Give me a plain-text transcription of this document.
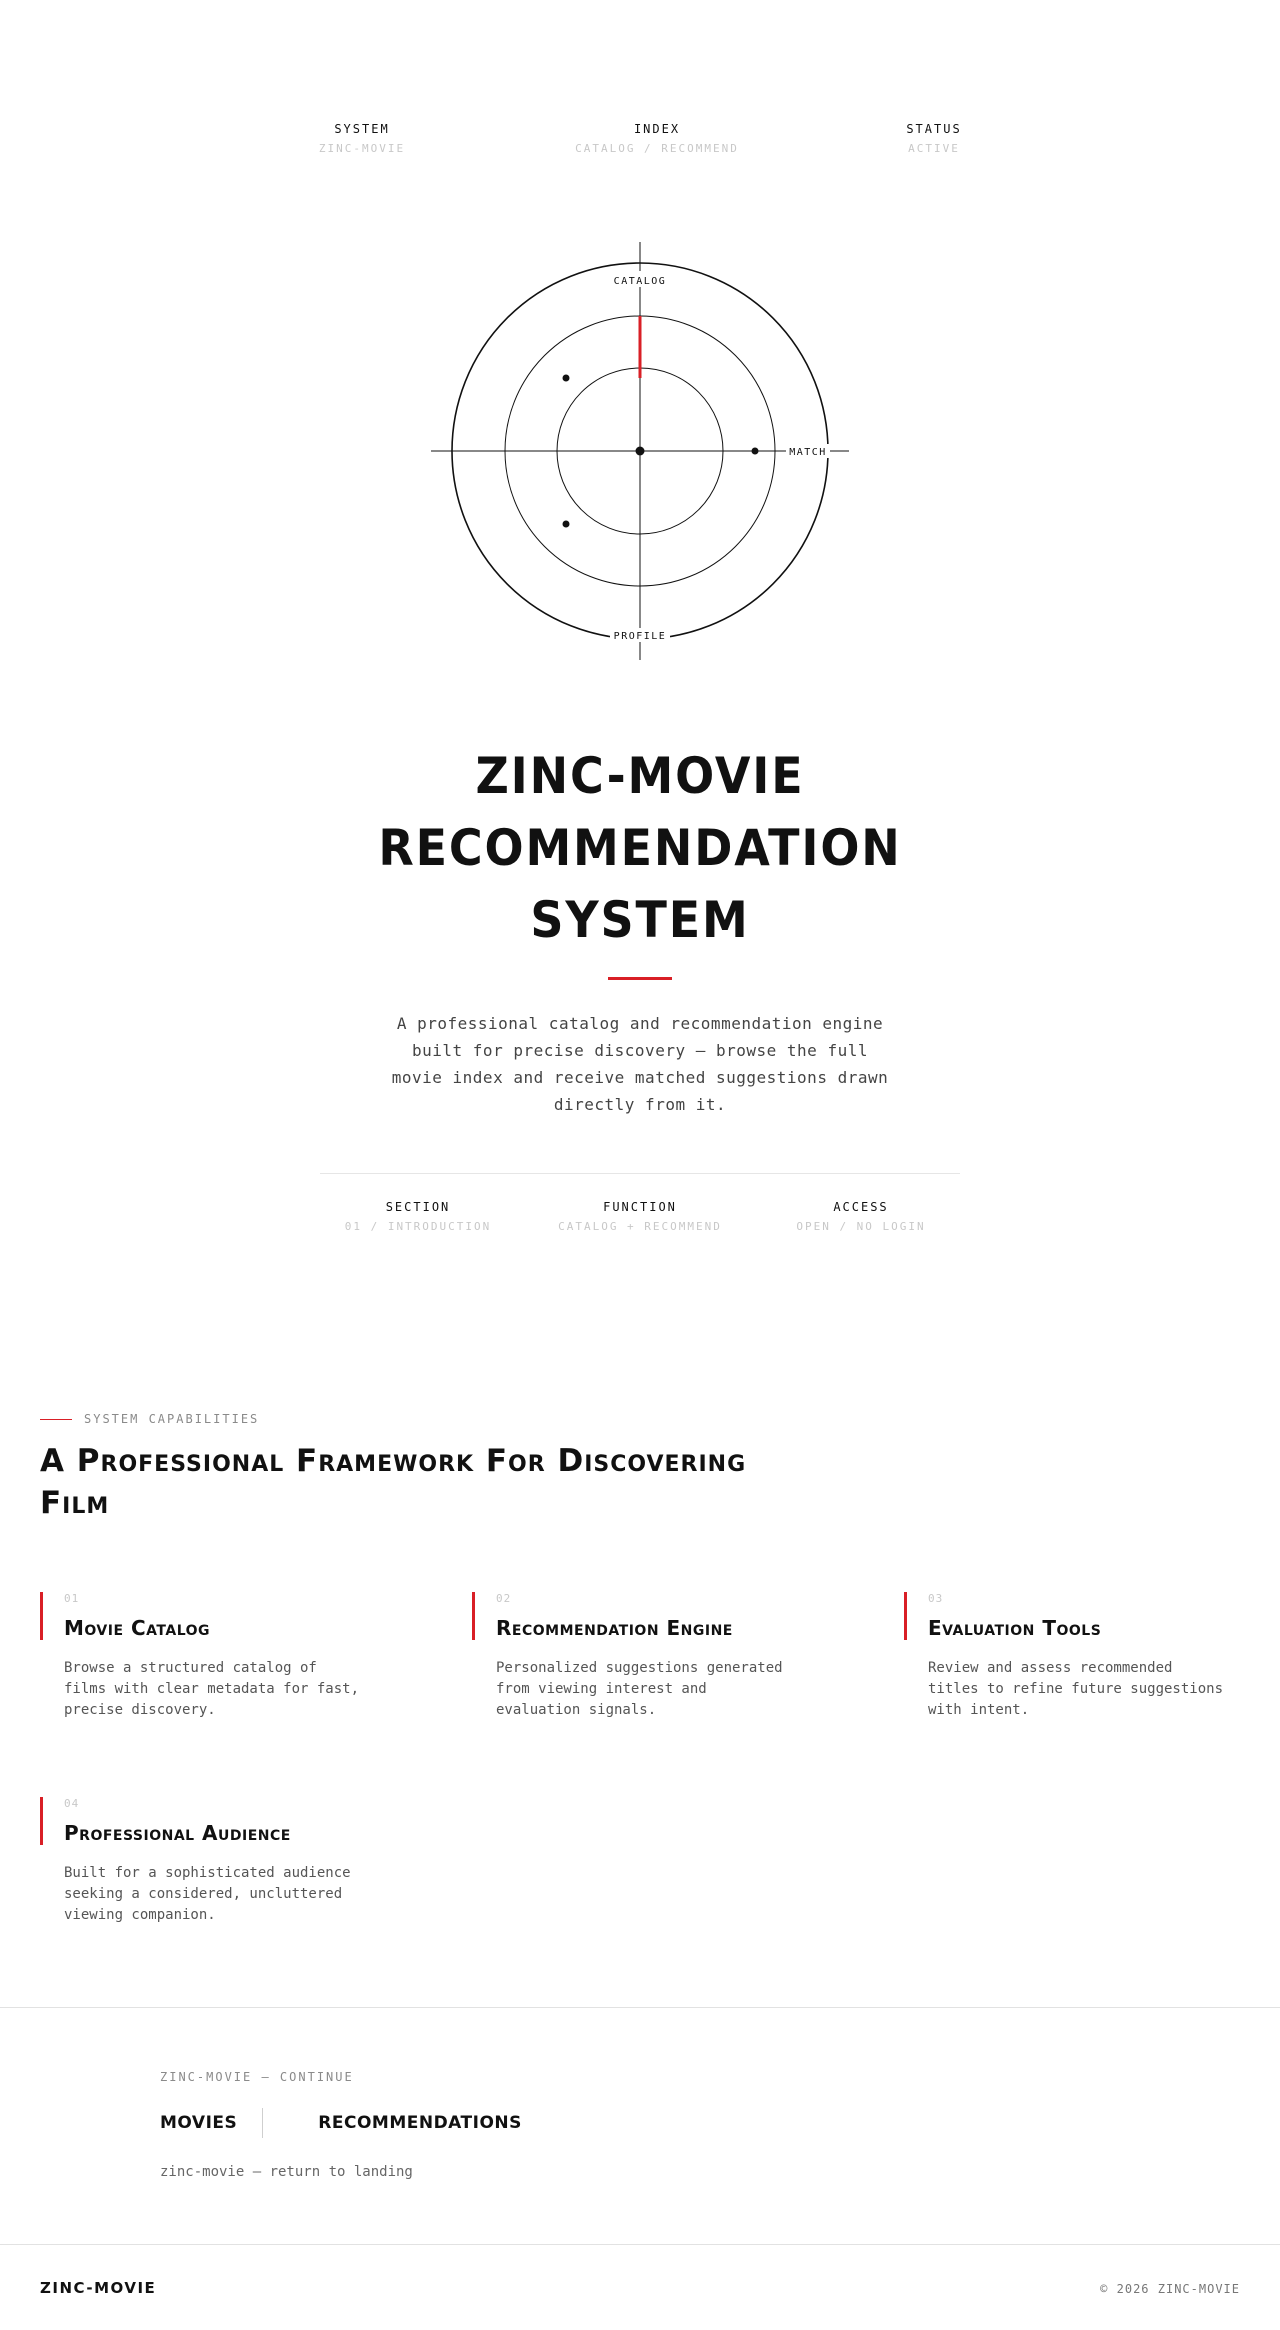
SYSTEM
ZINC-MOVIE
INDEX
CATALOG / RECOMMEND
STATUS
ACTIVE
CATALOG
MATCH
PROFILE
ZINC-MOVIE
RECOMMENDATION
SYSTEM

A professional catalog and recommendation engine built for precise discovery — browse the full movie index and receive matched suggestions drawn directly from it.

SECTION
01 / INTRODUCTION
FUNCTION
CATALOG + RECOMMEND
ACCESS
OPEN / NO LOGIN
SYSTEM CAPABILITIES
A Professional Framework For Discovering Film
01
Movie Catalog

Browse a structured catalog of films with clear metadata for fast, precise discovery.

02
Recommendation Engine

Personalized suggestions generated from viewing interest and evaluation signals.

03
Evaluation Tools

Review and assess recommended titles to refine future suggestions with intent.

04
Professional Audience

Built for a sophisticated audience seeking a considered, uncluttered viewing companion.

ZINC-MOVIE — CONTINUE
MOVIES	RECOMMENDATIONS
zinc-movie — return to landing
ZINC-MOVIE	© 2026 ZINC-MOVIE
